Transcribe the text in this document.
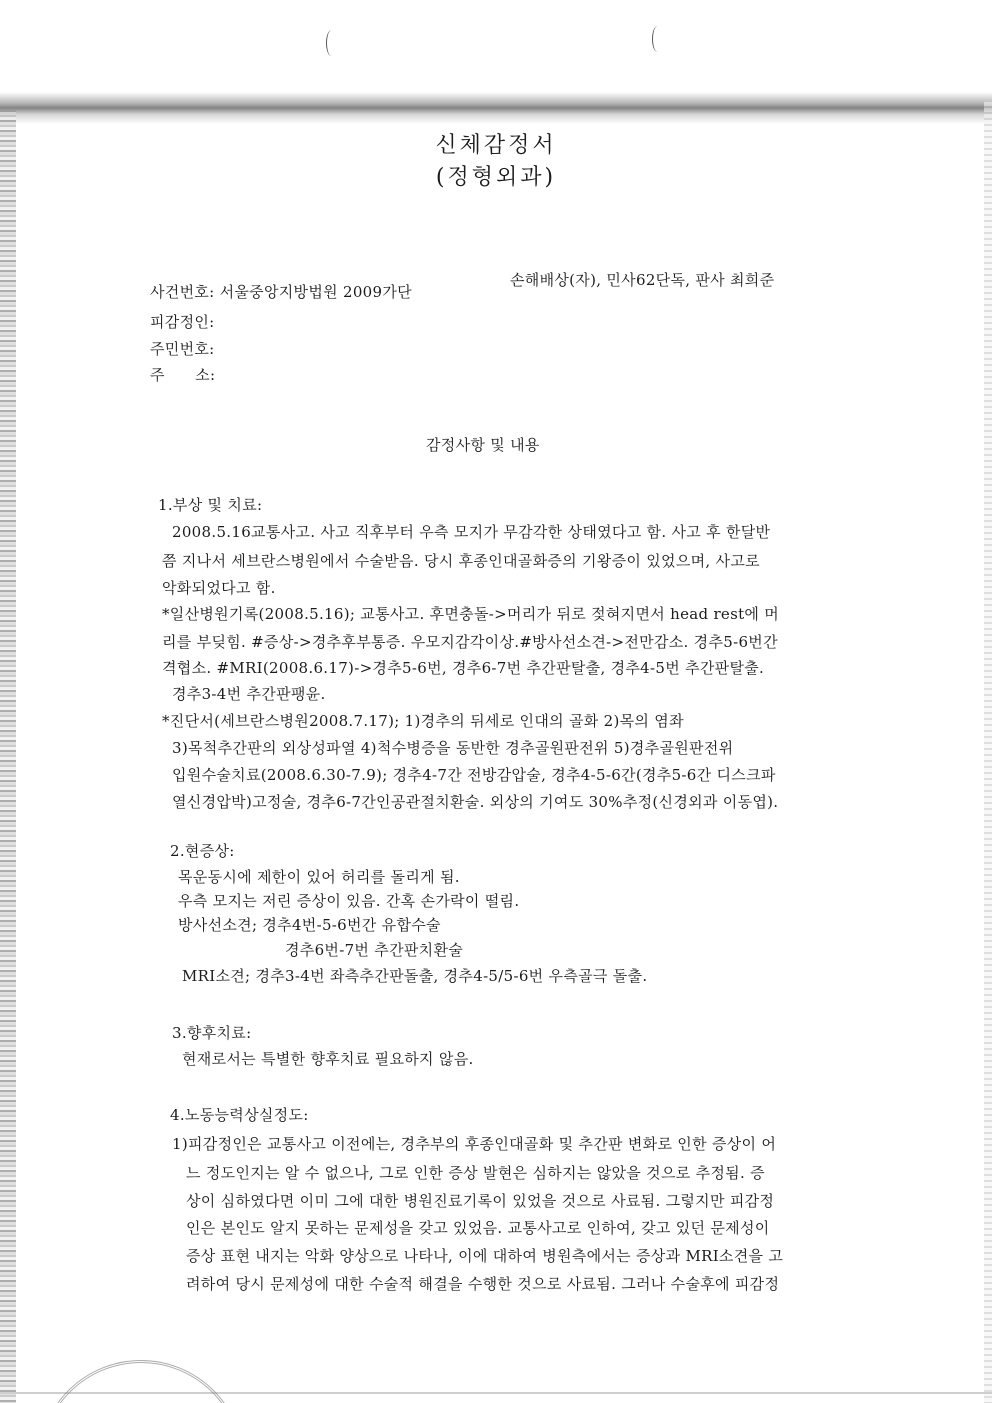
신체감정서
(정형외과)
사건번호: 서울중앙지방법원 2009가단
손해배상(자), 민사62단독, 판사 최희준
피감정인:
주민번호:
주      소:
감정사항 및 내용
1.부상 및 치료:
2008.5.16교통사고. 사고 직후부터 우측 모지가 무감각한 상태였다고 함. 사고 후 한달반
쯤 지나서 세브란스병원에서 수술받음. 당시 후종인대골화증의 기왕증이 있었으며, 사고로
악화되었다고 함.
*일산병원기록(2008.5.16); 교통사고. 후면충돌->머리가 뒤로 젖혀지면서 head rest에 머
리를 부딪힘. #증상->경추후부통증. 우모지감각이상.#방사선소견->전만감소. 경추5-6번간
격협소. #MRI(2008.6.17)->경추5-6번, 경추6-7번 추간판탈출, 경추4-5번 추간판탈출.
경추3-4번 추간판팽윤.
*진단서(세브란스병원2008.7.17); 1)경추의 뒤세로 인대의 골화 2)목의 염좌
3)목척추간판의 외상성파열 4)척수병증을 동반한 경추골원판전위 5)경추골원판전위
입원수술치료(2008.6.30-7.9); 경추4-7간 전방감압술, 경추4-5-6간(경추5-6간 디스크파
열신경압박)고정술, 경추6-7간인공관절치환술. 외상의 기여도 30%추정(신경외과 이동엽).
2.현증상:
목운동시에 제한이 있어 허리를 돌리게 됨.
우측 모지는 저린 증상이 있음. 간혹 손가락이 떨림.
방사선소견; 경추4번-5-6번간 유합수술
경추6번-7번 추간판치환술
MRI소견; 경추3-4번 좌측추간판돌출, 경추4-5/5-6번 우측골극 돌출.
3.향후치료:
현재로서는 특별한 향후치료 필요하지 않음.
4.노동능력상실정도:
1)피감정인은 교통사고 이전에는, 경추부의 후종인대골화 및 추간판 변화로 인한 증상이 어
느 정도인지는 알 수 없으나, 그로 인한 증상 발현은 심하지는 않았을 것으로 추정됨. 증
상이 심하였다면 이미 그에 대한 병원진료기록이 있었을 것으로 사료됨. 그렇지만 피감정
인은 본인도 알지 못하는 문제성을 갖고 있었음. 교통사고로 인하여, 갖고 있던 문제성이
증상 표현 내지는 악화 양상으로 나타나, 이에 대하여 병원측에서는 증상과 MRI소견을 고
려하여 당시 문제성에 대한 수술적 해결을 수행한 것으로 사료됨. 그러나 수술후에 피감정
